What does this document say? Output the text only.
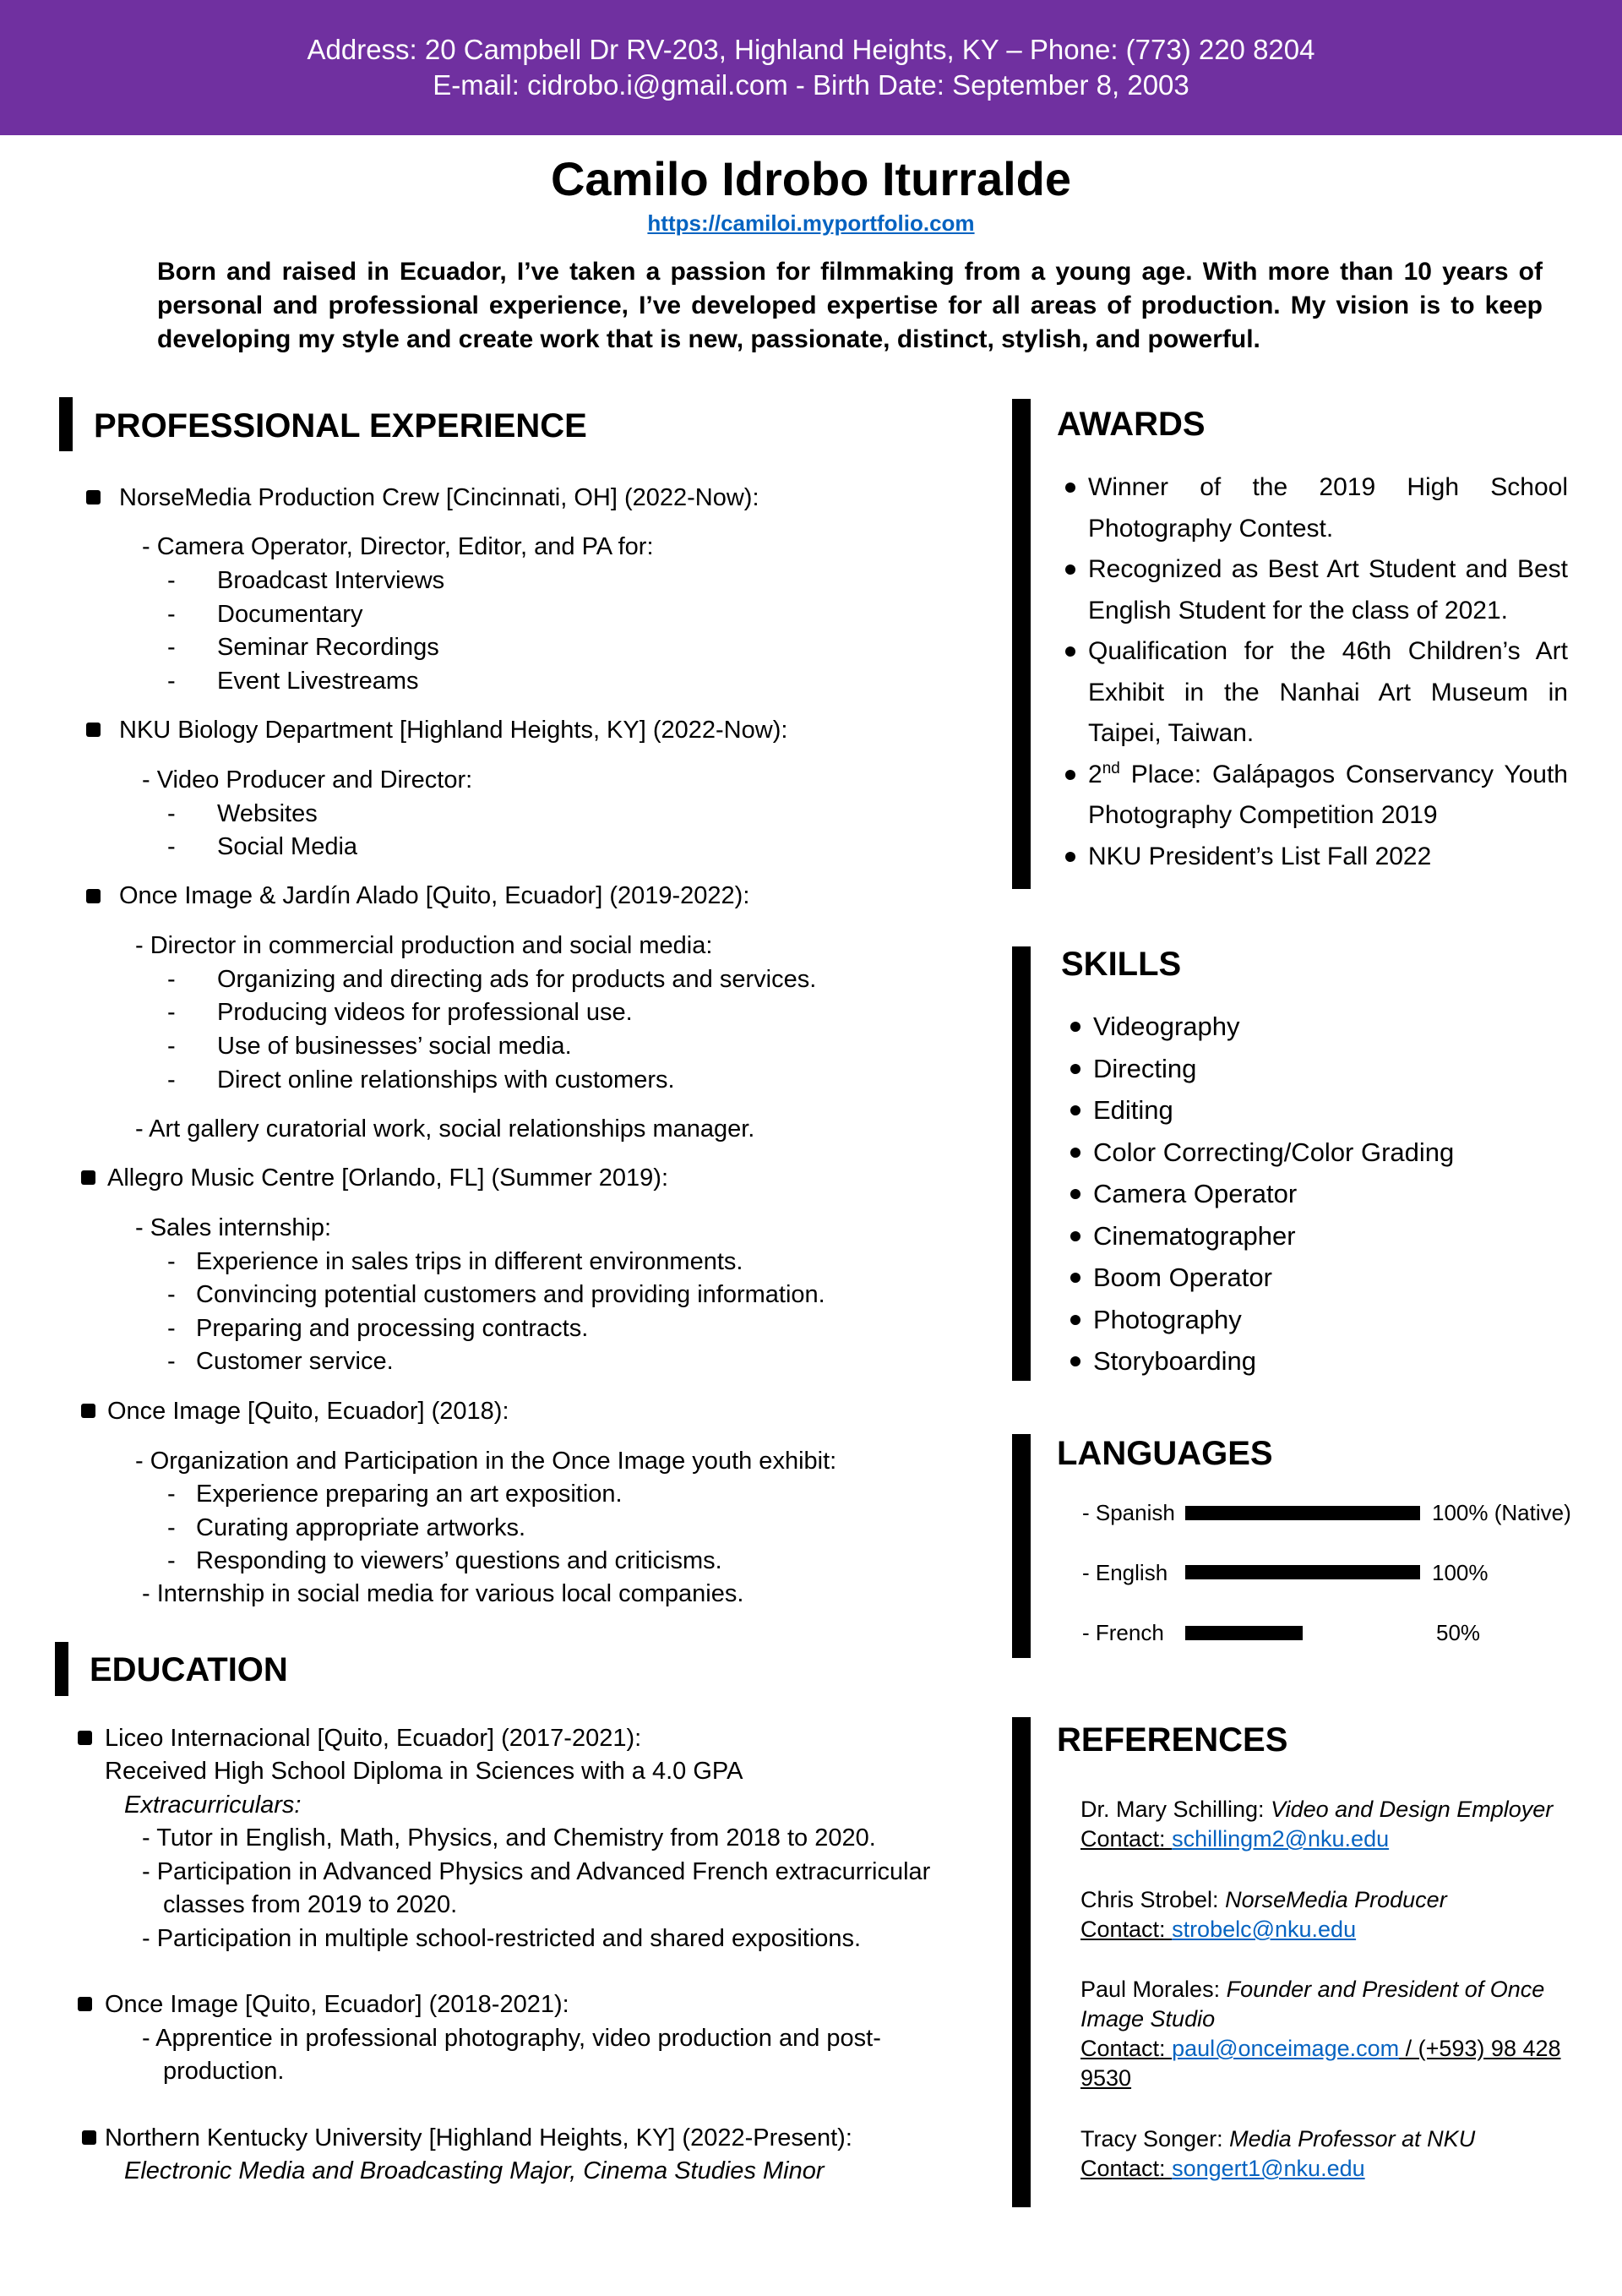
Address: 20 Campbell Dr RV-203, Highland Heights, KY – Phone: (773) 220 8204
E-mail: cidrobo.i@gmail.com - Birth Date: September 8, 2003
Camilo Idrobo Iturralde
https://camiloi.myportfolio.com
Born and raised in Ecuador, I’ve taken a passion for filmmaking from a young age. With more than 10 years of personal and professional experience, I’ve developed expertise for all areas of production. My vision is to keep developing my style and create work that is new, passionate, distinct, stylish, and powerful.
PROFESSIONAL EXPERIENCE
NorseMedia Production Crew [Cincinnati, OH] (2022-Now):
- Camera Operator, Director, Editor, and PA for:
- Broadcast Interviews
- Documentary
- Seminar Recordings
- Event Livestreams
NKU Biology Department [Highland Heights, KY] (2022-Now):
- Video Producer and Director:
- Websites
- Social Media
Once Image & Jardín Alado [Quito, Ecuador] (2019-2022):
- Director in commercial production and social media:
- Organizing and directing ads for products and services.
- Producing videos for professional use.
- Use of businesses’ social media.
- Direct online relationships with customers.
- Art gallery curatorial work, social relationships manager.
Allegro Music Centre [Orlando, FL] (Summer 2019):
- Sales internship:
- Experience in sales trips in different environments.
- Convincing potential customers and providing information.
- Preparing and processing contracts.
- Customer service.
Once Image [Quito, Ecuador] (2018):
- Organization and Participation in the Once Image youth exhibit:
- Experience preparing an art exposition.
- Curating appropriate artworks.
- Responding to viewers’ questions and criticisms.
- Internship in social media for various local companies.
EDUCATION
Liceo Internacional [Quito, Ecuador] (2017-2021):
Received High School Diploma in Sciences with a 4.0 GPA
Extracurriculars:
- Tutor in English, Math, Physics, and Chemistry from 2018 to 2020.
- Participation in Advanced Physics and Advanced French extracurricular
classes from 2019 to 2020.
- Participation in multiple school-restricted and shared expositions.
Once Image [Quito, Ecuador] (2018-2021):
- Apprentice in professional photography, video production and post-
production.
Northern Kentucky University [Highland Heights, KY] (2022-Present):
Electronic Media and Broadcasting Major, Cinema Studies Minor
AWARDS
Winner of the 2019 High School Photography Contest.
Recognized as Best Art Student and Best English Student for the class of 2021.
Qualification for the 46th Children’s Art Exhibit in the Nanhai Art Museum in Taipei, Taiwan.
2nd Place: Galápagos Conservancy Youth Photography Competition 2019
NKU President’s List Fall 2022
SKILLS
Videography
Directing
Editing
Color Correcting/Color Grading
Camera Operator
Cinematographer
Boom Operator
Photography
Storyboarding
LANGUAGES
- Spanish	100% (Native)
- English	100%
- French	50%
REFERENCES
Dr. Mary Schilling: Video and Design Employer
Contact: schillingm2@nku.edu
Chris Strobel: NorseMedia Producer
Contact: strobelc@nku.edu
Paul Morales: Founder and President of Once
Image Studio
Contact: paul@onceimage.com / (+593) 98 428
9530
Tracy Songer: Media Professor at NKU
Contact: songert1@nku.edu
